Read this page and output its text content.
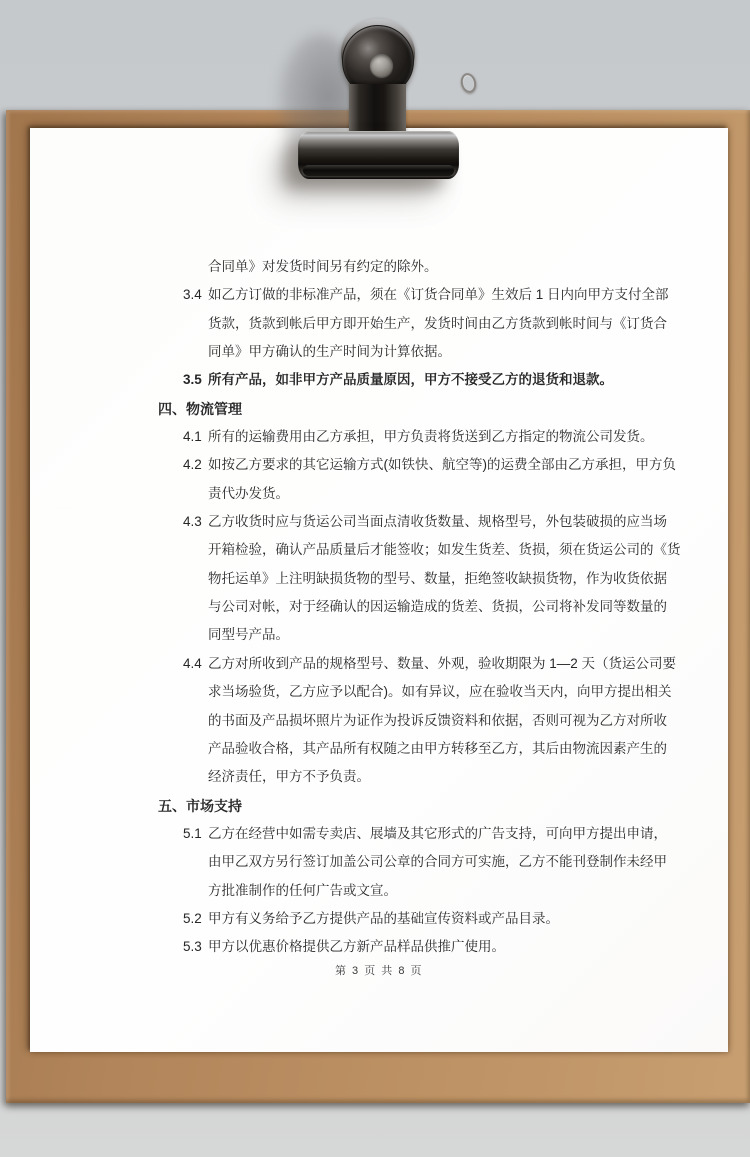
合同单》对发货时间另有约定的除外。
3.4 如乙方订做的非标准产品，须在《订货合同单》生效后 1 日内向甲方支付全部
货款，货款到帐后甲方即开始生产，发货时间由乙方货款到帐时间与《订货合
同单》甲方确认的生产时间为计算依据。
3.5 所有产品，如非甲方产品质量原因，甲方不接受乙方的退货和退款。
四、物流管理
4.1 所有的运输费用由乙方承担，甲方负责将货送到乙方指定的物流公司发货。
4.2 如按乙方要求的其它运输方式(如铁快、航空等)的运费全部由乙方承担，甲方负
责代办发货。
4.3 乙方收货时应与货运公司当面点清收货数量、规格型号，外包装破损的应当场
开箱检验，确认产品质量后才能签收；如发生货差、货损，须在货运公司的《货
物托运单》上注明缺损货物的型号、数量，拒绝签收缺损货物，作为收货依据
与公司对帐，对于经确认的因运输造成的货差、货损，公司将补发同等数量的
同型号产品。
4.4 乙方对所收到产品的规格型号、数量、外观，验收期限为 1—2 天（货运公司要
求当场验货，乙方应予以配合)。如有异议，应在验收当天内，向甲方提出相关
的书面及产品损坏照片为证作为投诉反馈资料和依据，否则可视为乙方对所收
产品验收合格，其产品所有权随之由甲方转移至乙方，其后由物流因素产生的
经济责任，甲方不予负责。
五、市场支持
5.1 乙方在经营中如需专卖店、展墙及其它形式的广告支持，可向甲方提出申请，
由甲乙双方另行签订加盖公司公章的合同方可实施，乙方不能刊登制作未经甲
方批准制作的任何广告或文宣。
5.2 甲方有义务给予乙方提供产品的基础宣传资料或产品目录。
5.3 甲方以优惠价格提供乙方新产品样品供推广使用。
第 3 页 共 8 页
